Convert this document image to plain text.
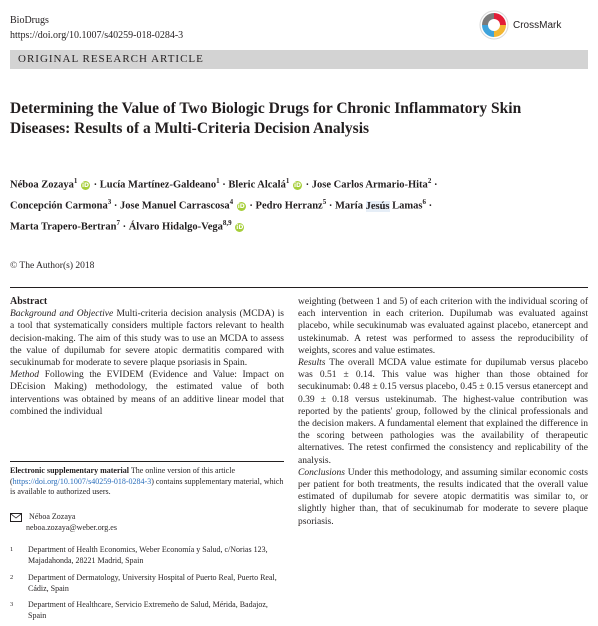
BioDrugs
https://doi.org/10.1007/s40259-018-0284-3
CrossMark
ORIGINAL RESEARCH ARTICLE
Determining the Value of Two Biologic Drugs for Chronic Inflammatory Skin Diseases: Results of a Multi-Criteria Decision Analysis
Néboa Zozaya$^1$ iD · Lucía Martínez-Galdeano$^1$ · Bleric Alcalá$^1$ iD · Jose Carlos Armario-Hita$^2$ ·
Concepción Carmona$^3$ · Jose Manuel Carrascosa$^4$ iD · Pedro Herranz$^5$ · María Jesús Lamas$^6$ ·
Marta Trapero-Bertran$^7$ · Álvaro Hidalgo-Vega$^{8,9}$ iD
© The Author(s) 2018

Abstract

Background and Objective Multi-criteria decision analysis (MCDA) is a tool that systematically considers multiple factors relevant to health decision-making. The aim of this study was to use an MCDA to assess the value of dupilumab for severe atopic dermatitis compared with secukinumab for moderate to severe plaque psoriasis in Spain.

Method Following the EVIDEM (Evidence and Value: Impact on DEcision Making) methodology, the estimated value of both interventions was obtained by means of an additive linear model that combined the individual

Electronic supplementary material The online version of this article (https://doi.org/10.1007/s40259-018-0284-3) contains supplementary material, which is available to authorized users.
Néboa Zozaya
neboa.zozaya@weber.org.es
1 Department of Health Economics, Weber Economía y Salud, c/Norias 123, Majadahonda, 28221 Madrid, Spain
2 Department of Dermatology, University Hospital of Puerto Real, Puerto Real, Cádiz, Spain
3 Department of Healthcare, Servicio Extremeño de Salud, Mérida, Badajoz, Spain

weighting (between 1 and 5) of each criterion with the individual scoring of each intervention in each criterion. Dupilumab was evaluated against placebo, while secukinumab was evaluated against placebo, etanercept and ustekinumab. A retest was performed to assess the reproducibility of weights, scores and value estimates.

Results The overall MCDA value estimate for dupilumab versus placebo was 0.51 ± 0.14. This value was higher than those obtained for secukinumab: 0.48 ± 0.15 versus placebo, 0.45 ± 0.15 versus etanercept and 0.39 ± 0.18 versus ustekinumab. The highest-value contribution was reported by the patients' group, followed by the clinical professionals and the decision makers. A fundamental element that explained the difference in the scoring between pathologies was the availability of therapeutic alternatives. The retest confirmed the consistency and replicability of the analysis.

Conclusions Under this methodology, and assuming similar economic costs per patient for both treatments, the results indicated that the overall value estimated of dupilumab for severe atopic dermatitis was similar to, or slightly higher than, that of secukinumab for moderate to severe plaque psoriasis.
